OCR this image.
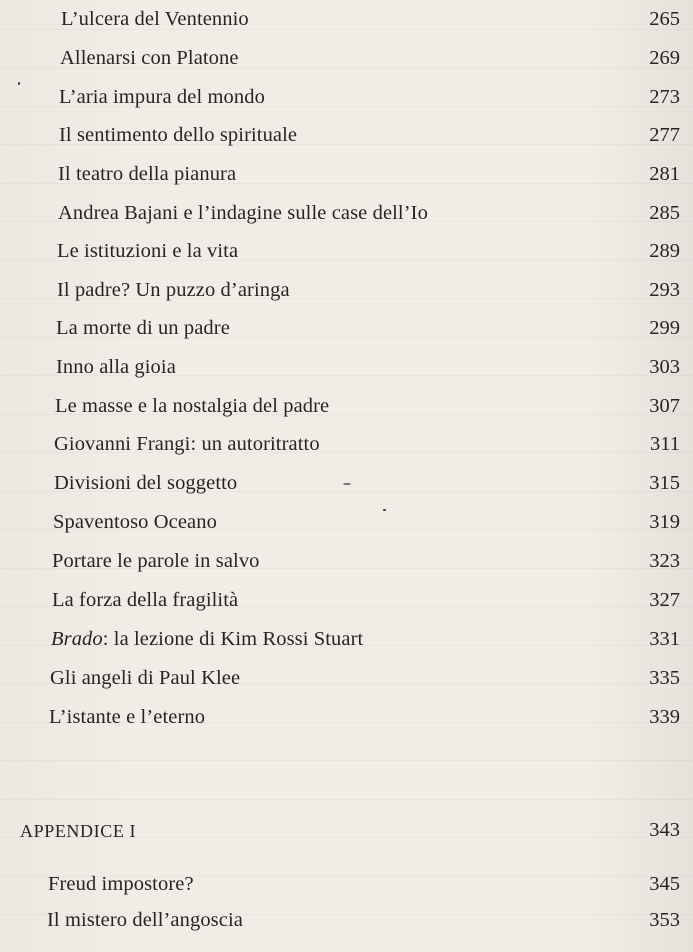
L’ulcera del Ventennio	265
Allenarsi con Platone	269
L’aria impura del mondo	273
Il sentimento dello spirituale	277
Il teatro della pianura	281
Andrea Bajani e l’indagine sulle case dell’Io	285
Le istituzioni e la vita	289
Il padre? Un puzzo d’aringa	293
La morte di un padre	299
Inno alla gioia	303
Le masse e la nostalgia del padre	307
Giovanni Frangi: un autoritratto	311
Divisioni del soggetto	315
Spaventoso Oceano	319
Portare le parole in salvo	323
La forza della fragilità	327
Brado: la lezione di Kim Rossi Stuart	331
Gli angeli di Paul Klee	335
L’istante e l’eterno	339
APPENDICE I	343
Freud impostore?	345
Il mistero dell’angoscia	353
